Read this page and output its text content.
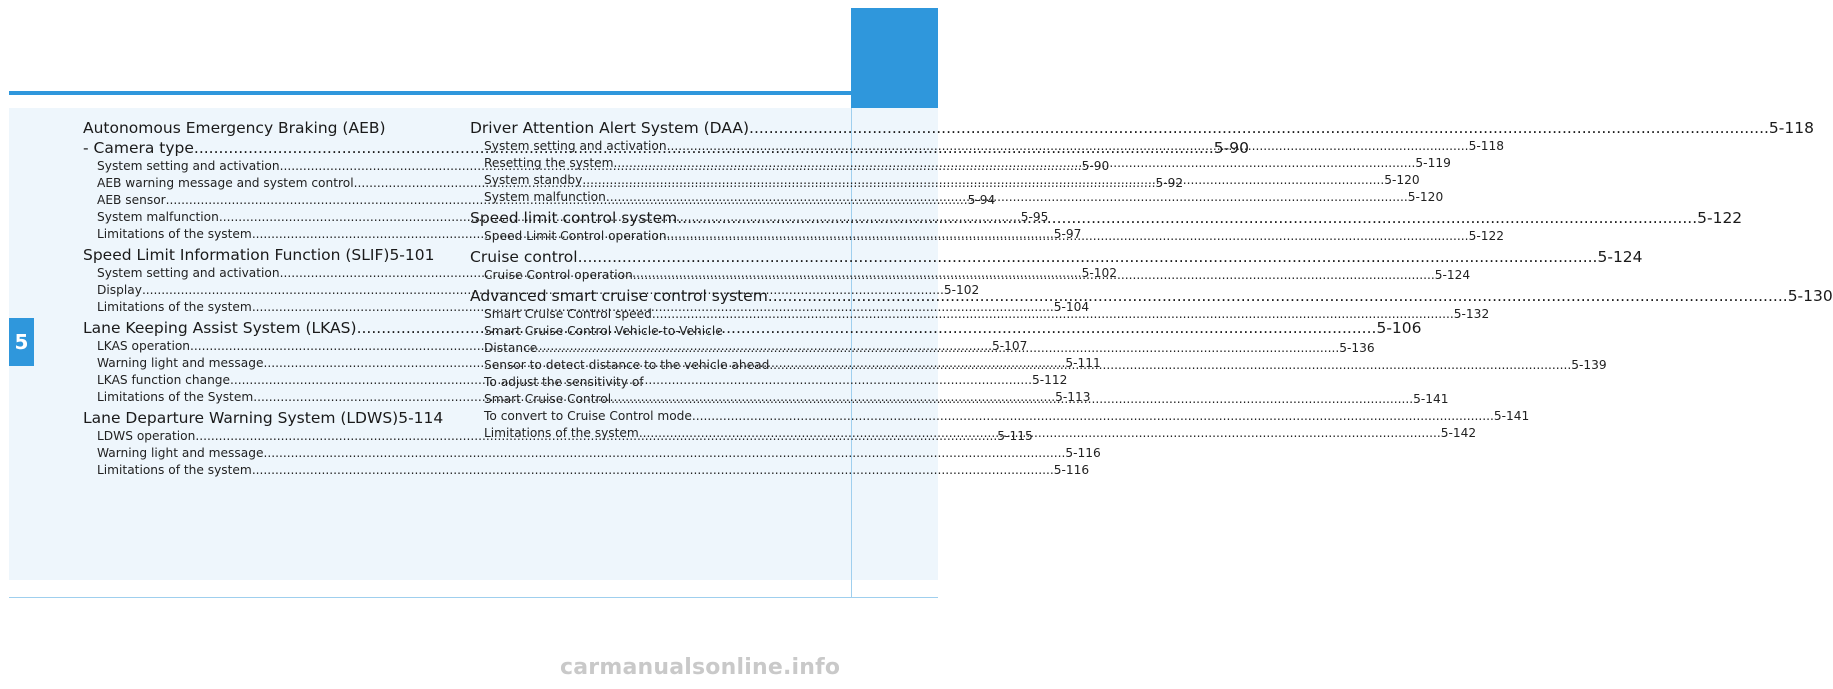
5
Autonomous Emergency Braking (AEB)
- Camera type .....	5-90
System setting and activation .....	5-90
AEB warning message and system control .....	5-92
AEB sensor .....	5-94
System malfunction .....	5-95
Limitations of the system .....	5-97
Speed Limit Information Function (SLIF) 5-101
System setting and activation .....	5-102
Display .....	5-102
Limitations of the system .....	5-104
Lane Keeping Assist System (LKAS) .....	5-106
LKAS operation .....	5-107
Warning light and message .....	5-111
LKAS function change .....	5-112
Limitations of the System .....	5-113
Lane Departure Warning System (LDWS) 5-114
LDWS operation .....	5-115
Warning light and message .....	5-116
Limitations of the system .....	5-116
Driver Attention Alert System (DAA) .....	5-118
System setting and activation .....	5-118
Resetting the system .....	5-119
System standby .....	5-120
System malfunction .....	5-120
Speed limit control system .....	5-122
Speed Limit Control operation .....	5-122
Cruise control .....	5-124
Cruise Control operation .....	5-124
Advanced smart cruise control system .....	5-130
Smart Cruise Control speed .....	5-132
Smart Cruise Control Vehicle-to-Vehicle
Distance .....	5-136
Sensor to detect distance to the vehicle ahead .....	5-139
To adjust the sensitivity of
Smart Cruise Control .....	5-141
To convert to Cruise Control mode .....	5-141
Limitations of the system .....	5-142
carmanualsonline.info
